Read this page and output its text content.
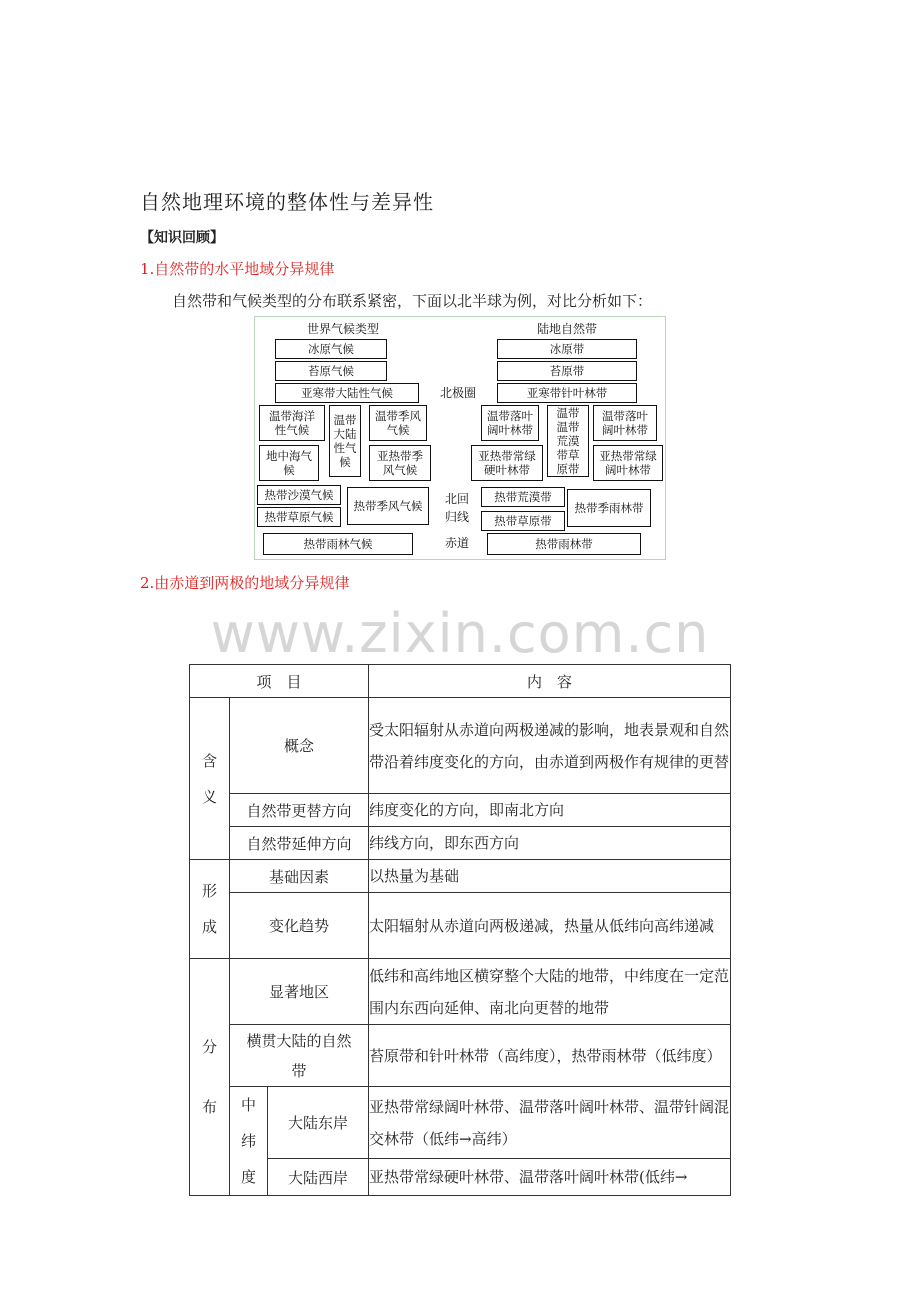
自然地理环境的整体性与差异性
【知识回顾】
1.自然带的水平地域分异规律
自然带和气候类型的分布联系紧密，下面以北半球为例，对比分析如下：
世界气候类型	陆地自然带
冰原气候
苔原气候
亚寒带大陆性气候
温带海洋性气候
温带大陆性气候
温带季风气候
地中海气候
亚热带季风气候
热带沙漠气候
热带草原气候
热带季风气候
热带雨林气候
北极圈
北回
归线
赤道
冰原带
苔原带
亚寒带针叶林带
温带落叶阔叶林带
温带温带荒漠带草原带
温带落叶阔叶林带
亚热带常绿硬叶林带
亚热带常绿阔叶林带
热带荒漠带
热带草原带
热带季雨林带
热带雨林带
2.由赤道到两极的地域分异规律
www.zixin.com.cn
项　目			内　容

含义	概念		受太阳辐射从赤道向两极递减的影响，地表景观和自然带沿着纬度变化的方向，由赤道到两极作有规律的更替
	自然带更替方向		纬度变化的方向，即南北方向
	自然带延伸方向		纬线方向，即东西方向

形成	基础因素		以热量为基础
	变化趋势		太阳辐射从赤道向两极递减，热量从低纬向高纬递减

分布	显著地区		低纬和高纬地区横穿整个大陆的地带，中纬度在一定范围内东西向延伸、南北向更替的地带
	横贯大陆的自然带		苔原带和针叶林带（高纬度），热带雨林带（低纬度）

	中纬度	大陆东岸	亚热带常绿阔叶林带、温带落叶阔叶林带、温带针阔混交林带（低纬→高纬）
		大陆西岸	亚热带常绿硬叶林带、温带落叶阔叶林带(低纬→
